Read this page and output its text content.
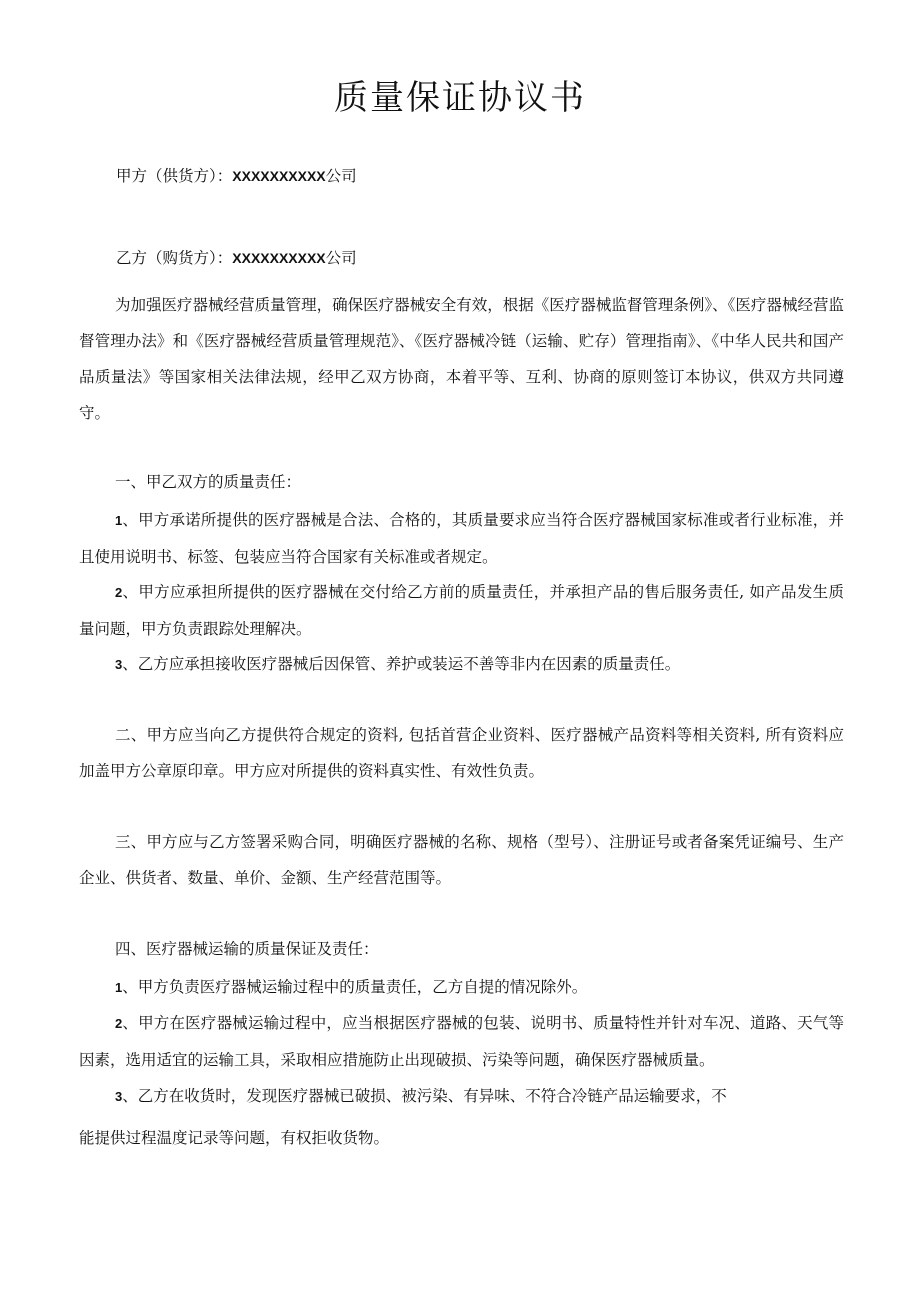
质量保证协议书
甲方（供货方）：XXXXXXXXXX公司
乙方（购货方）：XXXXXXXXXX公司
为加强医疗器械经营质量管理，确保医疗器械安全有效，根据《医疗器械监督管理条例》、《医疗器械经营监督管理办法》和《医疗器械经营质量管理规范》、《医疗器械冷链（运输、贮存）管理指南》、《中华人民共和国产品质量法》等国家相关法律法规，经甲乙双方协商，本着平等、互利、协商的原则签订本协议，供双方共同遵守。
一、甲乙双方的质量责任：
1、甲方承诺所提供的医疗器械是合法、合格的，其质量要求应当符合医疗器械国家标准或者行业标准，并且使用说明书、标签、包装应当符合国家有关标准或者规定。
2、甲方应承担所提供的医疗器械在交付给乙方前的质量责任，并承担产品的售后服务责任, 如产品发生质量问题，甲方负责跟踪处理解决。
3、乙方应承担接收医疗器械后因保管、养护或装运不善等非内在因素的质量责任。
二、甲方应当向乙方提供符合规定的资料, 包括首营企业资料、医疗器械产品资料等相关资料, 所有资料应加盖甲方公章原印章。甲方应对所提供的资料真实性、有效性负责。
三、甲方应与乙方签署采购合同，明确医疗器械的名称、规格（型号）、注册证号或者备案凭证编号、生产企业、供货者、数量、单价、金额、生产经营范围等。
四、医疗器械运输的质量保证及责任：
1、甲方负责医疗器械运输过程中的质量责任，乙方自提的情况除外。
2、甲方在医疗器械运输过程中，应当根据医疗器械的包装、说明书、质量特性并针对车况、道路、天气等因素，选用适宜的运输工具，采取相应措施防止出现破损、污染等问题，确保医疗器械质量。
3、乙方在收货时，发现医疗器械已破损、被污染、有异味、不符合冷链产品运输要求，不
能提供过程温度记录等问题，有权拒收货物。
